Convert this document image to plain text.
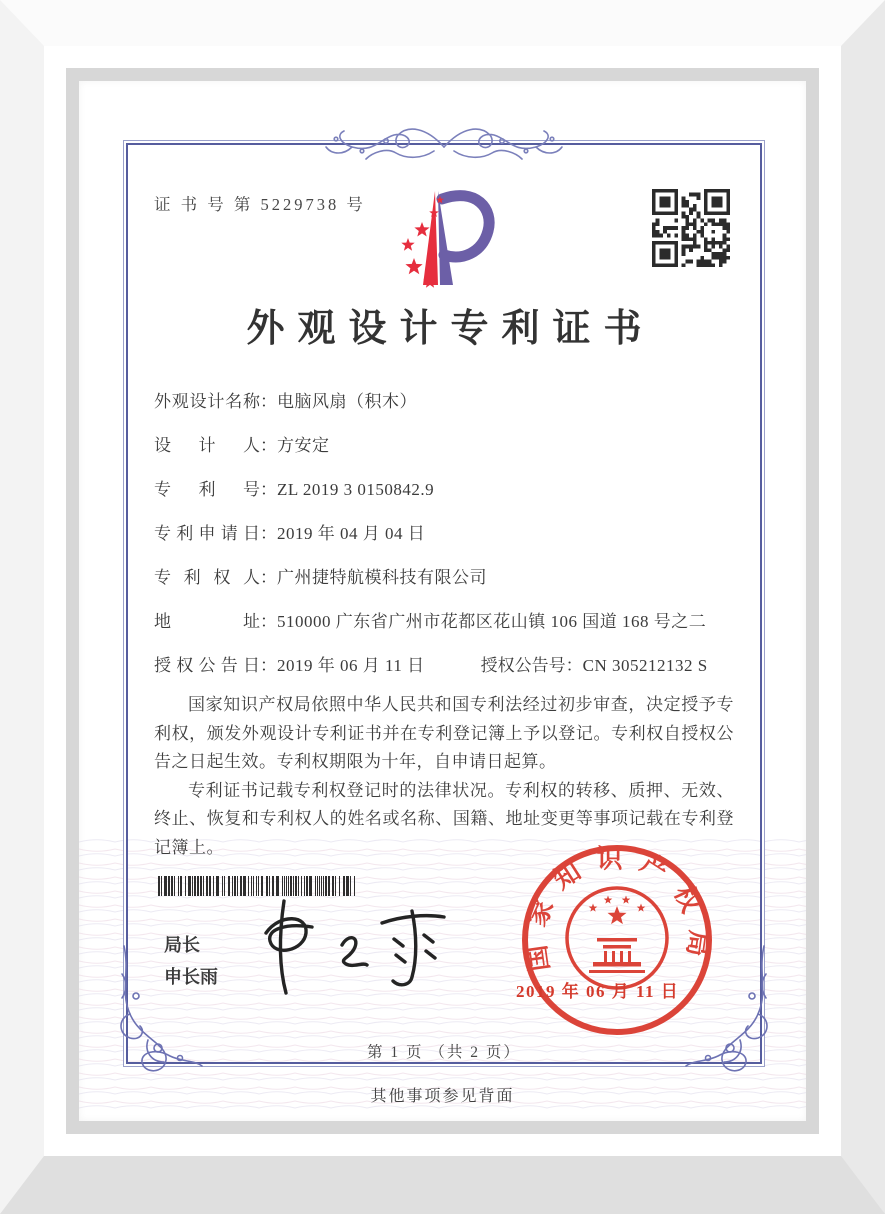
证 书 号 第 5229738 号
外观设计专利证书
外观设计名称 ： 电脑风扇（积木）
设计人 ： 方安定
专利号 ： ZL 2019 3 0150842.9
专利申请日 ： 2019 年 04 月 04 日
专利权人 ： 广州捷特航模科技有限公司
地址 ： 510000 广东省广州市花都区花山镇 106 国道 168 号之二
授权公告日 ： 2019 年 06 月 11 日	授权公告号 ： CN 305212132 S

国家知识产权局依照中华人民共和国专利法经过初步审查，决定授予专利权，颁发外观设计专利证书并在专利登记簿上予以登记。专利权自授权公告之日起生效。专利权期限为十年，自申请日起算。

专利证书记载专利权登记时的法律状况。专利权的转移、质押、无效、终止、恢复和专利权人的姓名或名称、国籍、地址变更等事项记载在专利登记簿上。

局长
申长雨
国家知识产权局
2019 年 06 月 11 日
第 1 页 （共 2 页）
其他事项参见背面
